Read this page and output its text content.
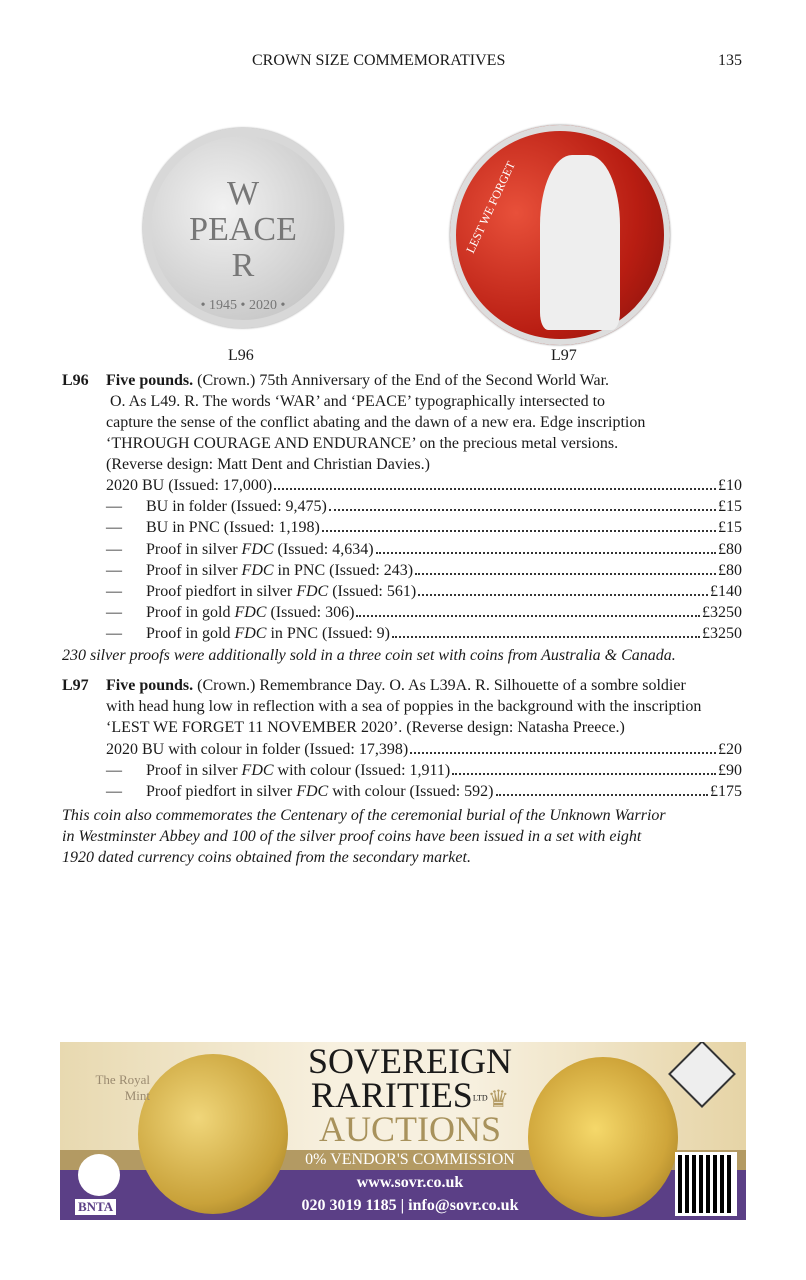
CROWN SIZE COMMEMORATIVES	135
W
PEACE
R
• 1945 • 2020 •
LEST WE FORGET
L96	L97
L96 Five pounds. (Crown.) 75th Anniversary of the End of the Second World War.
O. As L49. R. The words ‘WAR’ and ‘PEACE’ typographically intersected to
capture the sense of the conflict abating and the dawn of a new era. Edge inscription
‘THROUGH COURAGE AND ENDURANCE’ on the precious metal versions.
(Reverse design: Matt Dent and Christian Davies.)
2020 BU (Issued: 17,000)	£10
—	BU in folder (Issued: 9,475)	£15
—	BU in PNC (Issued: 1,198)	£15
—	Proof in silver FDC (Issued: 4,634)	£80
—	Proof in silver FDC in PNC (Issued: 243)	£80
—	Proof piedfort in silver FDC (Issued: 561)	£140
—	Proof in gold FDC (Issued: 306)	£3250
—	Proof in gold FDC in PNC (Issued: 9)	£3250
230 silver proofs were additionally sold in a three coin set with coins from Australia & Canada.
L97 Five pounds. (Crown.) Remembrance Day. O. As L39A. R. Silhouette of a sombre soldier
with head hung low in reflection with a sea of poppies in the background with the inscription
‘LEST WE FORGET 11 NOVEMBER 2020’. (Reverse design: Natasha Preece.)
2020 BU with colour in folder (Issued: 17,398)	£20
—	Proof in silver FDC with colour (Issued: 1,911)	£90
—	Proof piedfort in silver FDC with colour (Issued: 592)	£175
This coin also commemorates the Centenary of the ceremonial burial of the Unknown Warrior
in Westminster Abbey and 100 of the silver proof coins have been issued in a set with eight
1920 dated currency coins obtained from the secondary market.
The Royal Mint
BNTA
SOVEREIGN
RARITIESLTD♛
AUCTIONS
0% VENDOR'S COMMISSION
www.sovr.co.uk
020 3019 1185 | info@sovr.co.uk
